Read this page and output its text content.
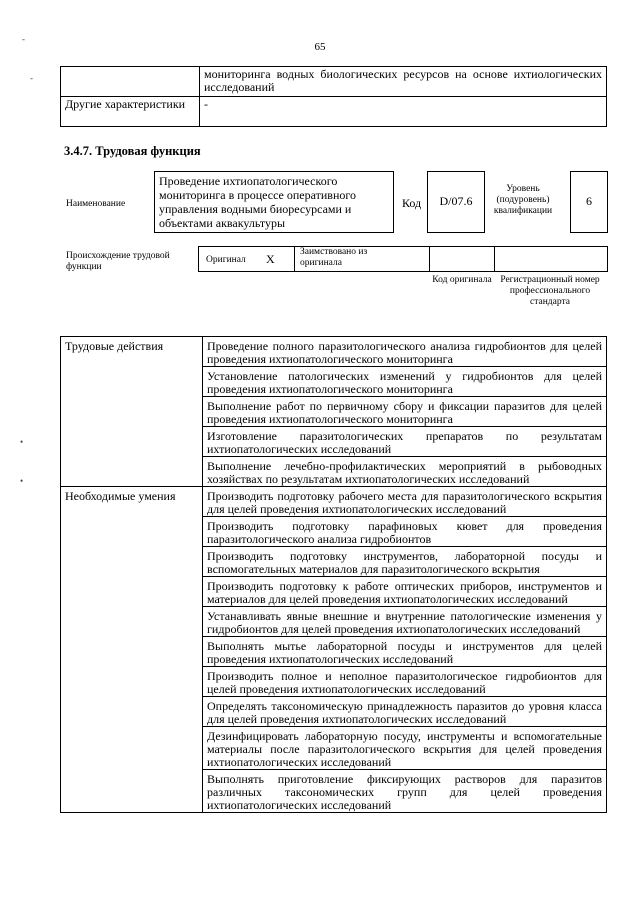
-
-
•
•
65
	мониторинга водных биологических ресурсов на основе ихтиологических исследований
Другие характеристики	-
3.4.7. Трудовая функция
Наименование
Проведение ихтиопатологического мониторинга в процессе оперативного управления водными биоресурсами и объектами аквакультуры
Код	D/07.6
Уровень (подуровень) квалификации
6
Происхождение трудовой функции
Оригинал X	Заимствовано из оригинала
Код оригинала Регистрационный номер профессионального стандарта
Трудовые действия	Проведение полного паразитологического анализа гидробионтов для целей проведения ихтиопатологического мониторинга
	Установление патологических изменений у гидробионтов для целей проведения ихтиопатологического мониторинга
	Выполнение работ по первичному сбору и фиксации паразитов для целей проведения ихтиопатологического мониторинга
	Изготовление паразитологических препаратов по результатам ихтиопатологических исследований
	Выполнение лечебно-профилактических мероприятий в рыбоводных хозяйствах по результатам ихтиопатологических исследований
Необходимые умения	Производить подготовку рабочего места для паразитологического вскрытия для целей проведения ихтиопатологических исследований
	Производить подготовку парафиновых кювет для проведения паразитологического анализа гидробионтов
	Производить подготовку инструментов, лабораторной посуды и вспомогательных материалов для паразитологического вскрытия
	Производить подготовку к работе оптических приборов, инструментов и материалов для целей проведения ихтиопатологических исследований
	Устанавливать явные внешние и внутренние патологические изменения у гидробионтов для целей проведения ихтиопатологических исследований
	Выполнять мытье лабораторной посуды и инструментов для целей проведения ихтиопатологических исследований
	Производить полное и неполное паразитологическое гидробионтов для целей проведения ихтиопатологических исследований
	Определять таксономическую принадлежность паразитов до уровня класса для целей проведения ихтиопатологических исследований
	Дезинфицировать лабораторную посуду, инструменты и вспомогательные материалы после паразитологического вскрытия для целей проведения ихтиопатологических исследований
	Выполнять приготовление фиксирующих растворов для паразитов различных таксономических групп для целей проведения ихтиопатологических исследований
